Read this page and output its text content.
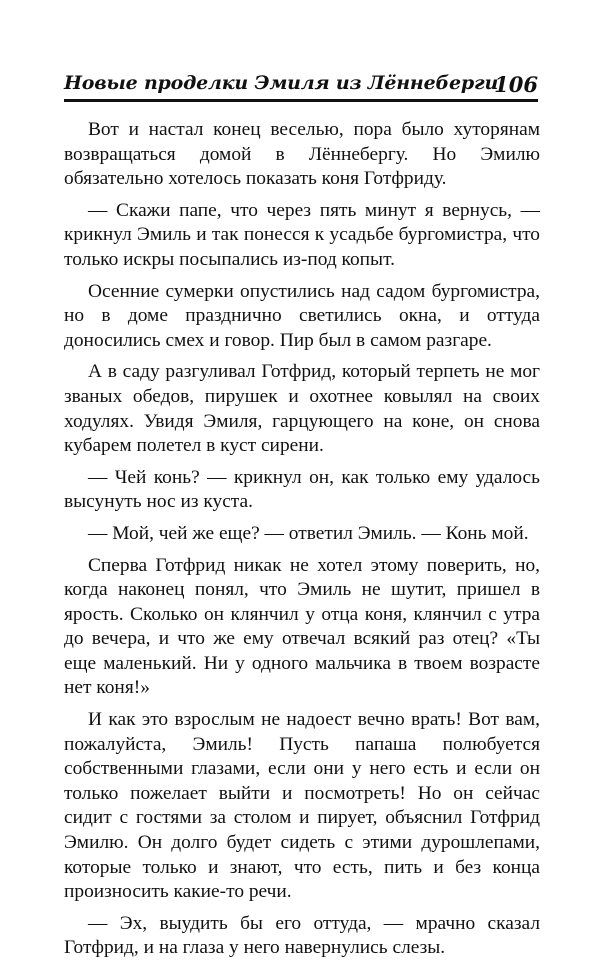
Новые проделки Эмиля из Лённеберги
106

Вот и настал конец веселью, пора было хуторянам возвращаться домой в Лённебергу. Но Эмилю обязательно хотелось показать коня Готфриду.

— Скажи папе, что через пять минут я вернусь, — крикнул Эмиль и так понесся к усадьбе бургомистра, что только искры посыпались из-под копыт.

Осенние сумерки опустились над садом бургомистра, но в доме празднично светились окна, и оттуда доносились смех и говор. Пир был в самом разгаре.

А в саду разгуливал Готфрид, который терпеть не мог званых обедов, пирушек и охотнее ковылял на своих ходулях. Увидя Эмиля, гарцующего на коне, он снова кубарем полетел в куст сирени.

— Чей конь? — крикнул он, как только ему удалось высунуть нос из куста.

— Мой, чей же еще? — ответил Эмиль. — Конь мой.

Сперва Готфрид никак не хотел этому поверить, но, когда наконец понял, что Эмиль не шутит, пришел в ярость. Сколько он клянчил у отца коня, клянчил с утра до вечера, и что же ему отвечал всякий раз отец? «Ты еще маленький. Ни у одного мальчика в твоем возрасте нет коня!»

И как это взрослым не надоест вечно врать! Вот вам, пожалуйста, Эмиль! Пусть папаша полюбуется собственными глазами, если они у него есть и если он только пожелает выйти и посмотреть! Но он сейчас сидит с гостями за столом и пирует, объяснил Готфрид Эмилю. Он долго будет сидеть с этими дурошлепами, которые только и знают, что есть, пить и без конца произносить какие-то речи.

— Эх, выудить бы его оттуда, — мрачно сказал Готфрид, и на глаза у него навернулись слезы.
